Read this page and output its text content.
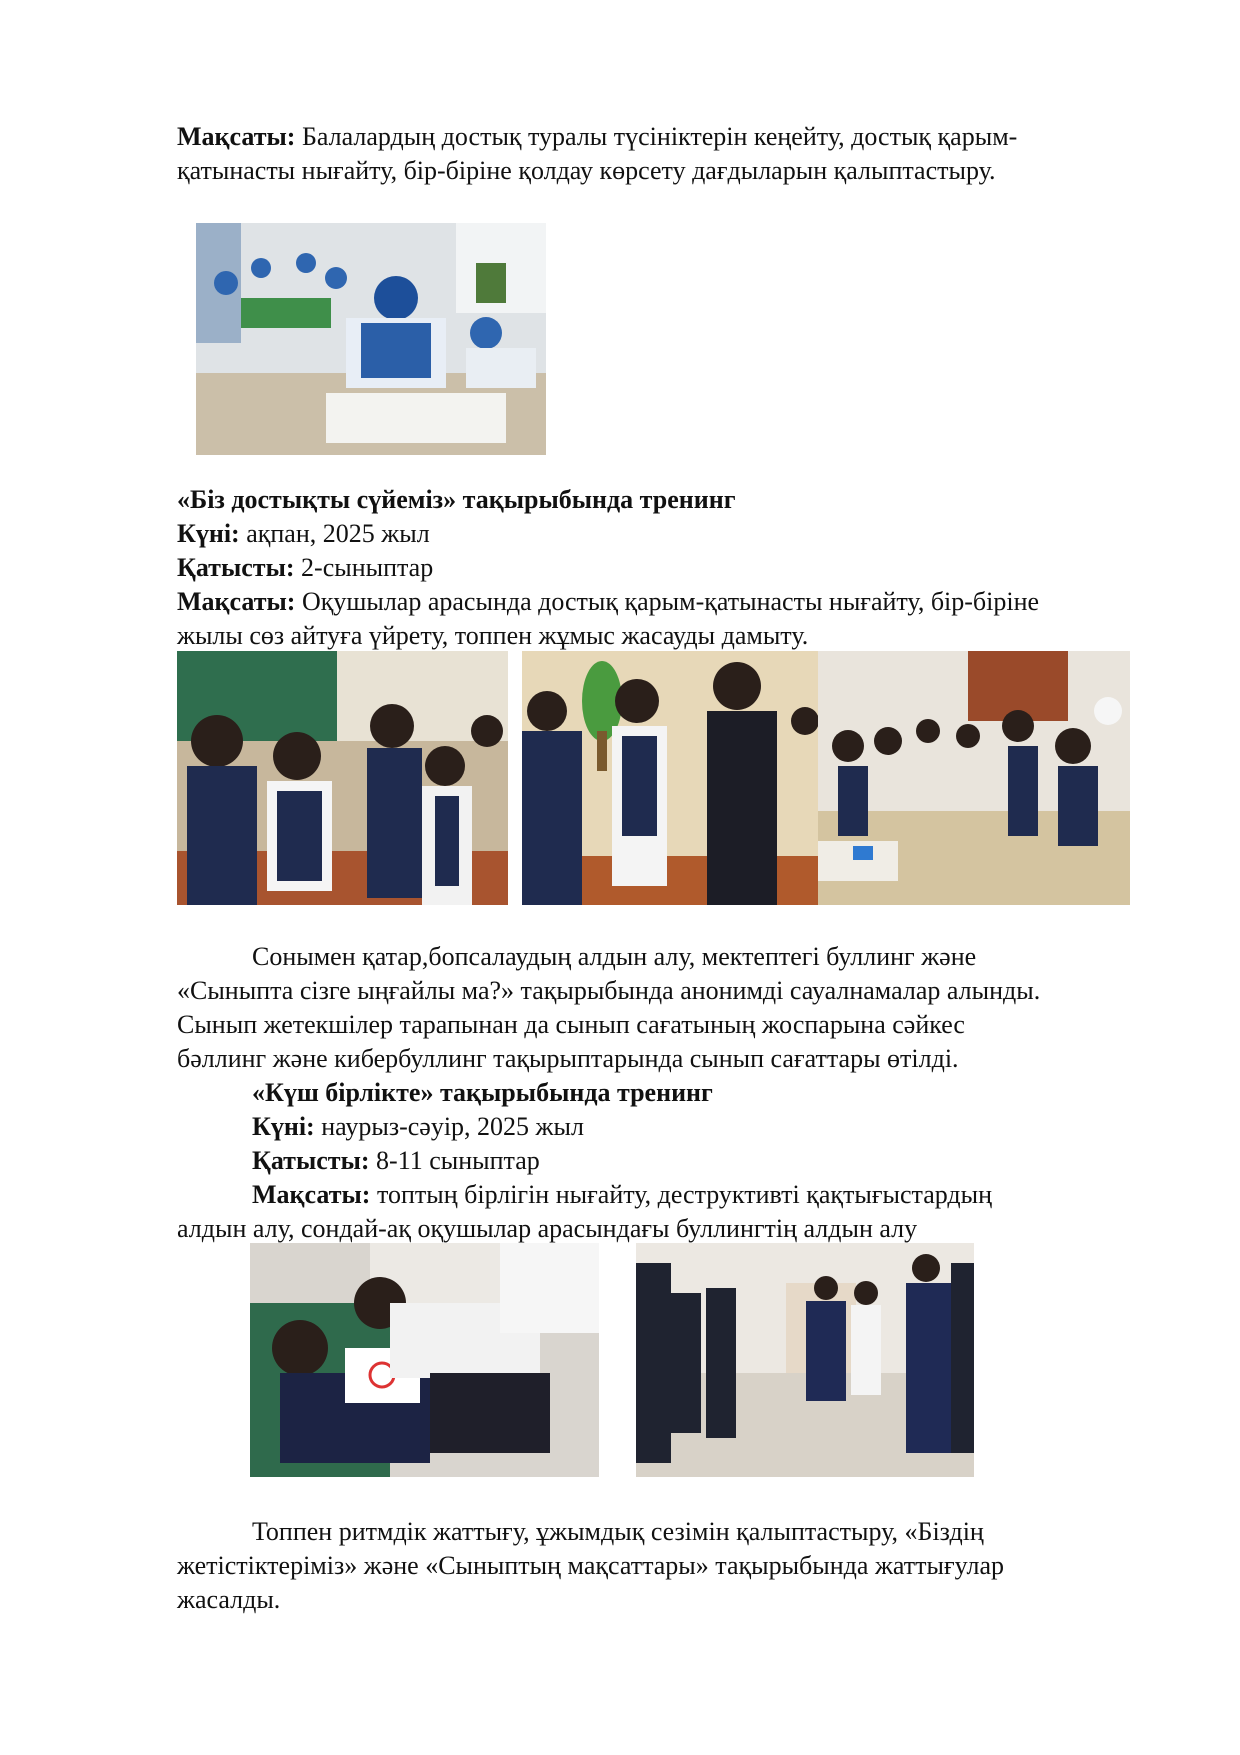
Мақсаты: Балалардың достық туралы түсініктерін кеңейту, достық қарым-
қатынасты нығайту, бір-біріне қолдау көрсету дағдыларын қалыптастыру.
«Біз достықты сүйеміз» тақырыбында тренинг
Күні: ақпан, 2025 жыл
Қатысты: 2-сыныптар
Мақсаты: Оқушылар арасында достық қарым-қатынасты нығайту, бір-біріне
жылы сөз айтуға үйрету, топпен жұмыс жасауды дамыту.
Сонымен қатар,бопсалаудың алдын алу, мектептегі буллинг және
«Сыныпта сізге ыңғайлы ма?» тақырыбында анонимді сауалнамалар алынды.
Сынып жетекшілер тарапынан да сынып сағатының жоспарына сәйкес
бәллинг және кибербуллинг тақырыптарында сынып сағаттары өтілді.
«Күш бірлікте» тақырыбында тренинг
Күні: наурыз-сәуір, 2025 жыл
Қатысты: 8-11 сыныптар
Мақсаты: топтың бірлігін нығайту, деструктивті қақтығыстардың
алдын алу, сондай-ақ оқушылар арасындағы буллингтің алдын алу
Топпен ритмдік жаттығу, ұжымдық сезімін қалыптастыру, «Біздің
жетістіктеріміз» және «Сыныптың мақсаттары» тақырыбында жаттығулар
жасалды.
